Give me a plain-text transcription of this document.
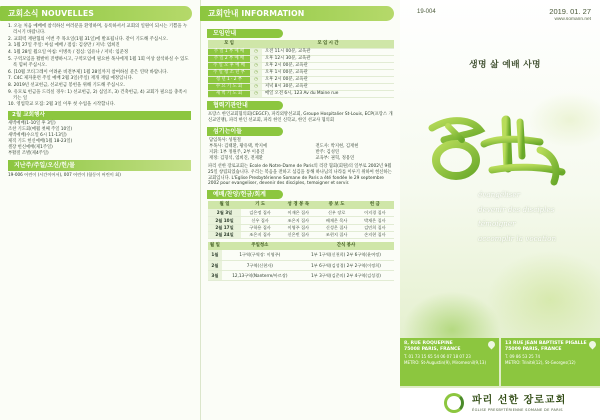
교회소식 NOUVELLES
1. 오늘 처음 예배에 참석하신 여러분을 환영하며, 등록하셔서 교회의 일원이 되시는 기쁨을 누리시기 바랍니다.
2. 교회력 재판협의 이번 주 목요일(1월 31일)에 발표됩니다. 같이 기도해 주십시오.
3. 1월 27일 주일: 아침 예배 / 점심: 김상만 / 저녁: 염희진
4. 1월 28일 월요일 아침: 이병옥 / 점심: 임유나 / 저녁: 임준정
5. 구역모임을 활발히 진행하시고, 구역모임에 필요한 목사에게 1월 1회 이상 참석하실 수 있도록 힘써 주십시오.
6. [10월 코티그레이 어려운 비전부제] 1월 28일까지 참여하실 분은 연락 바랍니다.
7. C4C 제자훈련 주일 예배 2월 3일(주일) 재개 재림 예정입니다.
8. 2019년 선교헌금, 선교헌금 봉헌을 위해 기도해 주십시오.
9. 유모로 헌금을 드리실 경우: 1) 선교헌금, 2) 십일조, 3) 건축헌금, 4) 교회가 필요를 충족시키는 일
10. 영업학교 모집: 2월 3일 이후 첫 수업을 시작합니다.
2월 교회행사
새벽예배(1-10일 후 3일)
조찬 기도회(매월 첫째 주일 10일)
새벽예배(수요일 6시 11-13일)
제직 기도 헌신예배(1월 18-23일)
셀장 헌신예배(제1주일)
부활절 조별(제4주일)
지난주/주일/오신/헌/물
19-006 어린이 (시간이어서), 007 어린이 (합동이 어린이 회)
교회안내 INFORMATION
모임안내
모 임		모 임 시 간
주 일 1 부 예 배	◷	오전 11시 00분, 교육관
주 일 2 부 예 배	◷	오후 12시 30분, 교육관
주 일 오 후 예 배	◷	오후 2시 00분, 교육관
주 일 청 소 년 부	◷	오후 1시 00분, 교육관
청 년 1 · 2 부	◷	오후 2시 00분, 교육관
수 요 기 도 회	◷	저녁 8시 30분, 교육관
새 벽 기 도 회	◷	매일 오전 6시, 123 Av du Maine rue
협력기관안내
프랑스 한인교회협의회(CEGCF), 파리외방선교회, Groupe Hospitalier St-Louis, ECP(프랑스 개신교연맹), 파리 한인 선교회, 파리 한인 신학교, 한인 선교사 협의회
섬기는이들
담임목사: 성원철	
부목사: 김태환, 황유택, 박지예	전도사: 박지현, 김재현
지휘: 1부 정원주, 2부 이용진	반주: 김성연
재정: 김형석, 염희진, 전제환	교육부: 권혁, 정용연
파리 선한 장로교회는 Ecole de Notre-Dame de Paris의 리강 협회(회원)의 일부로 2002년 9월 25일 창립되었습니다. 우리는 복음을 전하고 섬김을 통해 하나님의 나라를 이루기 위하여 헌신하는 교회입니다. L'Eglise Presbytérienne Somane de Paris a été fondée le 29 septembre 2002 pour evangeliser, devenir des disciples, temoigner et servir.
예배/찬양/헌금/회계
월 일	기 도	성 경 봉 독	중 보 도	헌 금
2월 3일	김은정 집사	이재은 집사	신우 장로	이지경 집사
2월 10일	신우 집사	조은지 집사	배재은 목사	박재은 집사
2월 17일	구학용 집사	이영주 집사	신성은 집사	김민희 집사
2월 24일	조은지 집사	신은빈 집사	조현지 집사	손지현 집사
월 일	주일청소	간식 봉사
1월	1구역(구역장: 이영주)	1부 1구역(신천희) 2부 6구역(윤여정)
2월	7구역(신현자)	1부 6구역(김성경) 2부 2구역(이정희)
3월	12,13구역(Nanterre/아르장)	1부 3구역(김준의) 2부 4구역(김성경)
19-004	2019. 01. 27
www.somann.net
생명 삶 예배 사명
évangéliser
devenir des disciples
témoigner
accomplir la vocation
8, RUE ROQUEPINE
75008 PARIS, FRANCE
T. 01 73 15 65 54 06 07 18 07 23
METRO: St-Augustin(9), Miromesnil(9,13)
13 RUE JEAN BAPTISTE PIGALLE
75009 PARIS, FRANCE
T. 09 86 53 25 74
METRO: Trinité(12), St-Georges(12)
파리 선한 장로교회
ÉGLISE PRESBYTÉRIENNE SOMANE DE PARIS
